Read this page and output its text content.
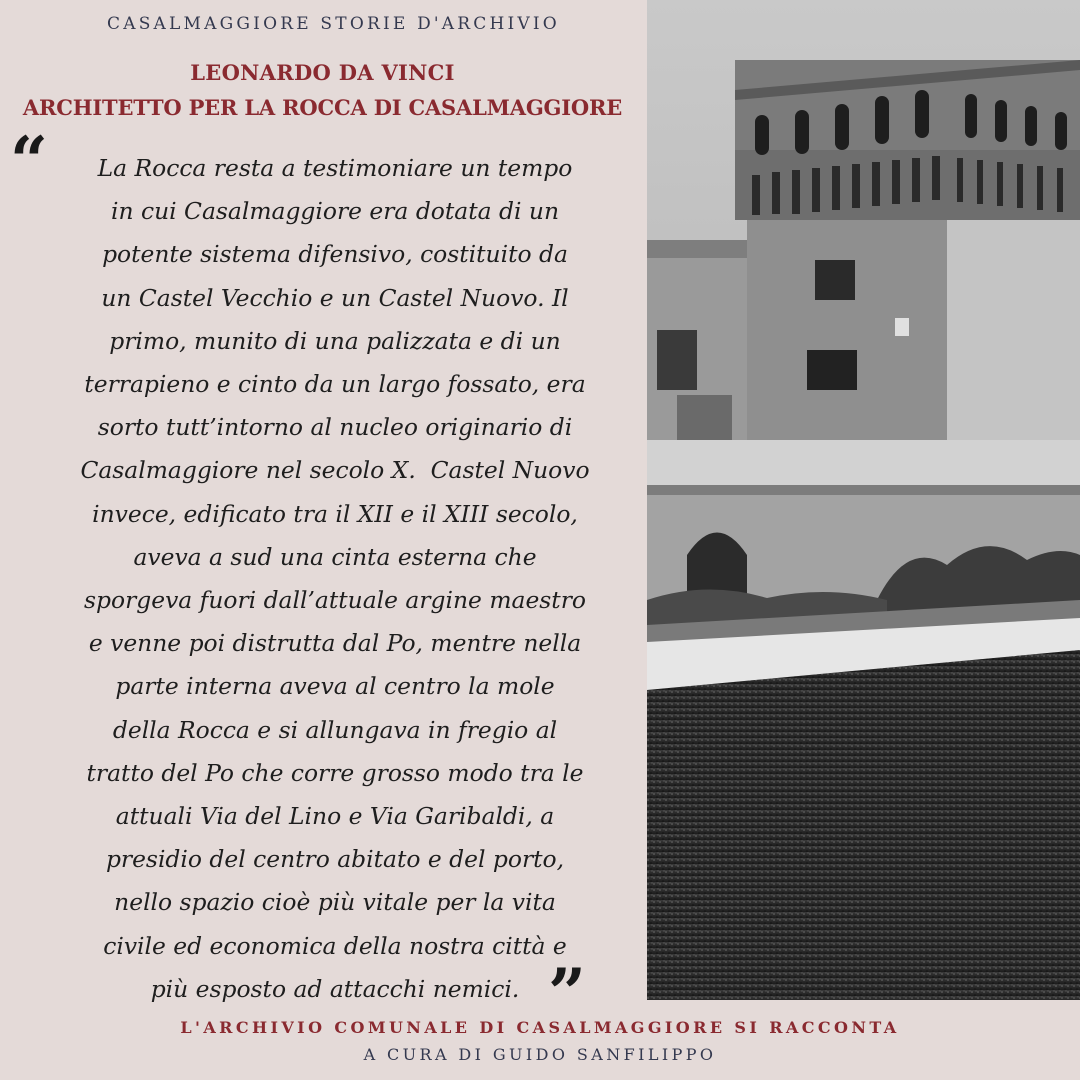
CASALMAGGIORE STORIE D'ARCHIVIO
LEONARDO DA VINCI
ARCHITETTO PER LA ROCCA DI CASALMAGGIORE
“	La Rocca resta a testimoniare un tempo
in cui Casalmaggiore era dotata di un
potente sistema difensivo, costituito da
un Castel Vecchio e un Castel Nuovo. Il
primo, munito di una palizzata e di un
terrapieno e cinto da un largo fossato, era
sorto tutt’intorno al nucleo originario di
Casalmaggiore nel secolo X.  Castel Nuovo
invece, edificato tra il XII e il XIII secolo,
aveva a sud una cinta esterna che
sporgeva fuori dall’attuale argine maestro
e venne poi distrutta dal Po, mentre nella
parte interna aveva al centro la mole
della Rocca e si allungava in fregio al
tratto del Po che corre grosso modo tra le
attuali Via del Lino e Via Garibaldi, a
presidio del centro abitato e del porto,
nello spazio cioè più vitale per la vita
civile ed economica della nostra città e
più esposto ad attacchi nemici. ”
L'ARCHIVIO COMUNALE DI CASALMAGGIORE SI RACCONTA
A CURA DI GUIDO SANFILIPPO
